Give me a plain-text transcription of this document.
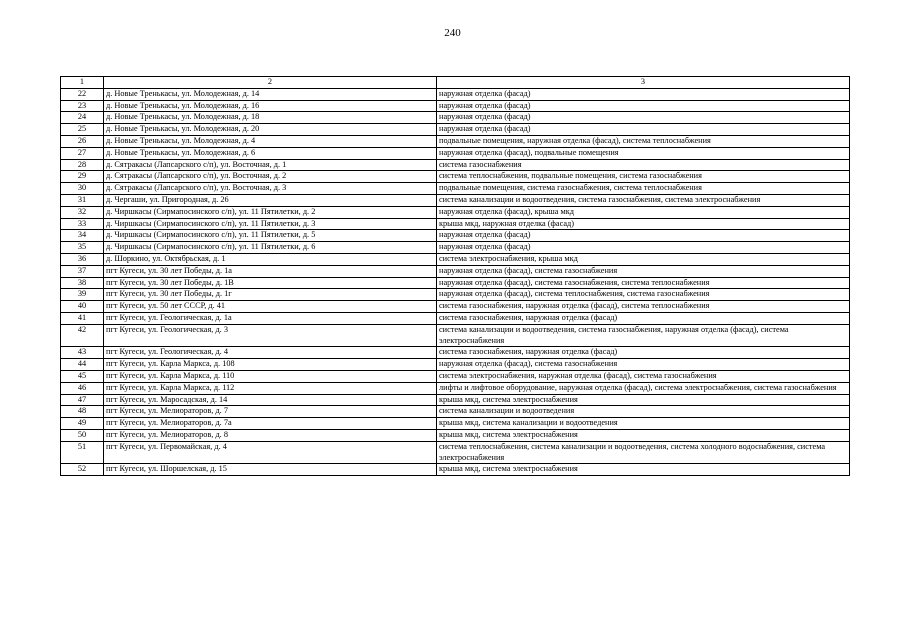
240
1	2	3
22	д. Новые Тренькасы, ул. Молодежная, д. 14	наружная отделка (фасад)
23	д. Новые Тренькасы, ул. Молодежная, д. 16	наружная отделка (фасад)
24	д. Новые Тренькасы, ул. Молодежная, д. 18	наружная отделка (фасад)
25	д. Новые Тренькасы, ул. Молодежная, д. 20	наружная отделка (фасад)
26	д. Новые Тренькасы, ул. Молодежная, д. 4	подвальные помещения, наружная отделка (фасад), система теплоснабжения
27	д. Новые Тренькасы, ул. Молодежная, д. 6	наружная отделка (фасад), подвальные помещения
28	д. Сятракасы (Лапсарского с/п), ул. Восточная, д. 1	система газоснабжения
29	д. Сятракасы (Лапсарского с/п), ул. Восточная, д. 2	система теплоснабжения, подвальные помещения, система газоснабжения
30	д. Сятракасы (Лапсарского с/п), ул. Восточная, д. 3	подвальные помещения, система газоснабжения, система теплоснабжения
31	д. Чергаши, ул. Пригородная, д. 26	система канализации и водоотведения, система газоснабжения, система электроснабжения
32	д. Чиршкасы (Сирмапосинского с/п), ул. 11 Пятилетки, д. 2	наружная отделка (фасад), крыша мкд
33	д. Чиршкасы (Сирмапосинского с/п), ул. 11 Пятилетки, д. 3	крыша мкд, наружная отделка (фасад)
34	д. Чиршкасы (Сирмапосинского с/п), ул. 11 Пятилетки, д. 5	наружная отделка (фасад)
35	д. Чиршкасы (Сирмапосинского с/п), ул. 11 Пятилетки, д. 6	наружная отделка (фасад)
36	д. Шоркино, ул. Октябрьская, д. 1	система электроснабжения, крыша мкд
37	пгт Кугеси, ул. 30 лет Победы, д. 1а	наружная отделка (фасад), система газоснабжения
38	пгт Кугеси, ул. 30 лет Победы, д. 1В	наружная отделка (фасад), система газоснабжения, система теплоснабжения
39	пгт Кугеси, ул. 30 лет Победы, д. 1г	наружная отделка (фасад), система теплоснабжения, система газоснабжения
40	пгт Кугеси, ул. 50 лет СССР, д. 41	система газоснабжения, наружная отделка (фасад), система теплоснабжения
41	пгт Кугеси, ул. Геологическая, д. 1а	система газоснабжения, наружная отделка (фасад)
42	пгт Кугеси, ул. Геологическая, д. 3	система канализации и водоотведения, система газоснабжения, наружная отделка (фасад), система электроснабжения
43	пгт Кугеси, ул. Геологическая, д. 4	система газоснабжения, наружная отделка (фасад)
44	пгт Кугеси, ул. Карла Маркса, д. 108	наружная отделка (фасад), система газоснабжения
45	пгт Кугеси, ул. Карла Маркса, д. 110	система электроснабжения, наружная отделка (фасад), система газоснабжения
46	пгт Кугеси, ул. Карла Маркса, д. 112	лифты и лифтовое оборудование, наружная отделка (фасад), система электроснабжения, система газоснабжения
47	пгт Кугеси, ул. Маросадская, д. 14	крыша мкд, система электроснабжения
48	пгт Кугеси, ул. Мелиораторов, д. 7	система канализации и водоотведения
49	пгт Кугеси, ул. Мелиораторов, д. 7а	крыша мкд, система канализации и водоотведения
50	пгт Кугеси, ул. Мелиораторов, д. 8	крыша мкд, система электроснабжения
51	пгт Кугеси, ул. Первомайская, д. 4	система теплоснабжения, система канализации и водоотведения, система холодного водоснабжения, система электроснабжения
52	пгт Кугеси, ул. Шоршелская, д. 15	крыша мкд, система электроснабжения
